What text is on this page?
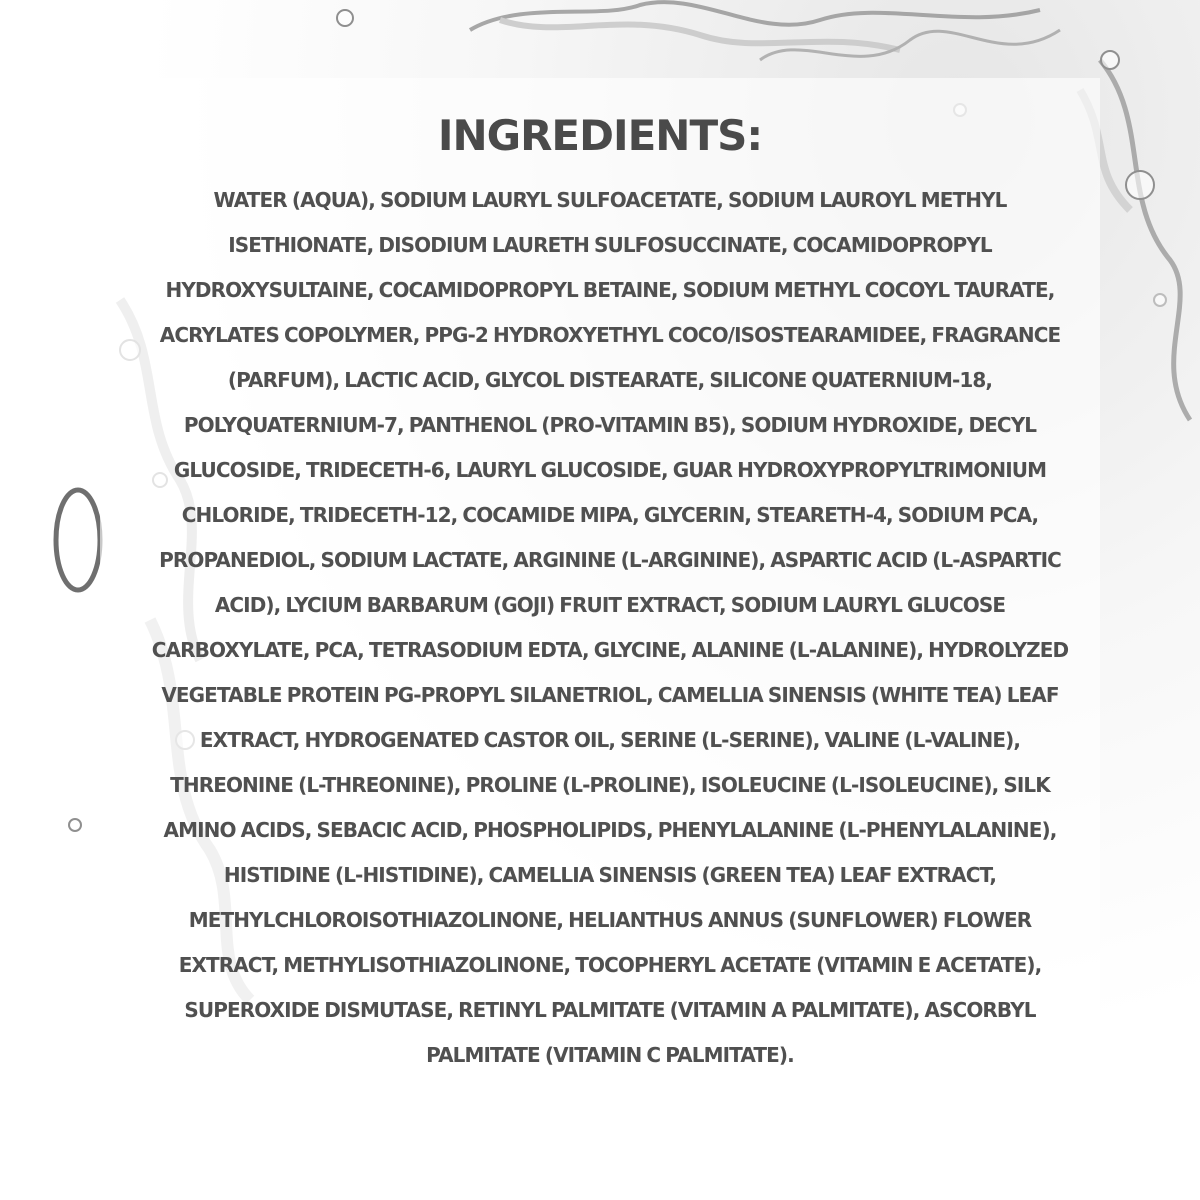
INGREDIENTS:
WATER (AQUA), SODIUM LAURYL SULFOACETATE, SODIUM LAUROYL METHYL
ISETHIONATE, DISODIUM LAURETH SULFOSUCCINATE, COCAMIDOPROPYL
HYDROXYSULTAINE, COCAMIDOPROPYL BETAINE, SODIUM METHYL COCOYL TAURATE,
ACRYLATES COPOLYMER, PPG-2 HYDROXYETHYL COCO/ISOSTEARAMIDEE, FRAGRANCE
(PARFUM), LACTIC ACID, GLYCOL DISTEARATE, SILICONE QUATERNIUM-18,
POLYQUATERNIUM-7, PANTHENOL (PRO-VITAMIN B5), SODIUM HYDROXIDE, DECYL
GLUCOSIDE, TRIDECETH-6, LAURYL GLUCOSIDE, GUAR HYDROXYPROPYLTRIMONIUM
CHLORIDE, TRIDECETH-12, COCAMIDE MIPA, GLYCERIN, STEARETH-4, SODIUM PCA,
PROPANEDIOL, SODIUM LACTATE, ARGININE (L-ARGININE), ASPARTIC ACID (L-ASPARTIC
ACID), LYCIUM BARBARUM (GOJI) FRUIT EXTRACT, SODIUM LAURYL GLUCOSE
CARBOXYLATE, PCA, TETRASODIUM EDTA, GLYCINE, ALANINE (L-ALANINE), HYDROLYZED
VEGETABLE PROTEIN PG-PROPYL SILANETRIOL, CAMELLIA SINENSIS (WHITE TEA) LEAF
EXTRACT, HYDROGENATED CASTOR OIL, SERINE (L-SERINE), VALINE (L-VALINE),
THREONINE (L-THREONINE), PROLINE (L-PROLINE), ISOLEUCINE (L-ISOLEUCINE), SILK
AMINO ACIDS, SEBACIC ACID, PHOSPHOLIPIDS, PHENYLALANINE (L-PHENYLALANINE),
HISTIDINE (L-HISTIDINE), CAMELLIA SINENSIS (GREEN TEA) LEAF EXTRACT,
METHYLCHLOROISOTHIAZOLINONE, HELIANTHUS ANNUS (SUNFLOWER) FLOWER
EXTRACT, METHYLISOTHIAZOLINONE, TOCOPHERYL ACETATE (VITAMIN E ACETATE),
SUPEROXIDE DISMUTASE, RETINYL PALMITATE (VITAMIN A PALMITATE), ASCORBYL
PALMITATE (VITAMIN C PALMITATE).
